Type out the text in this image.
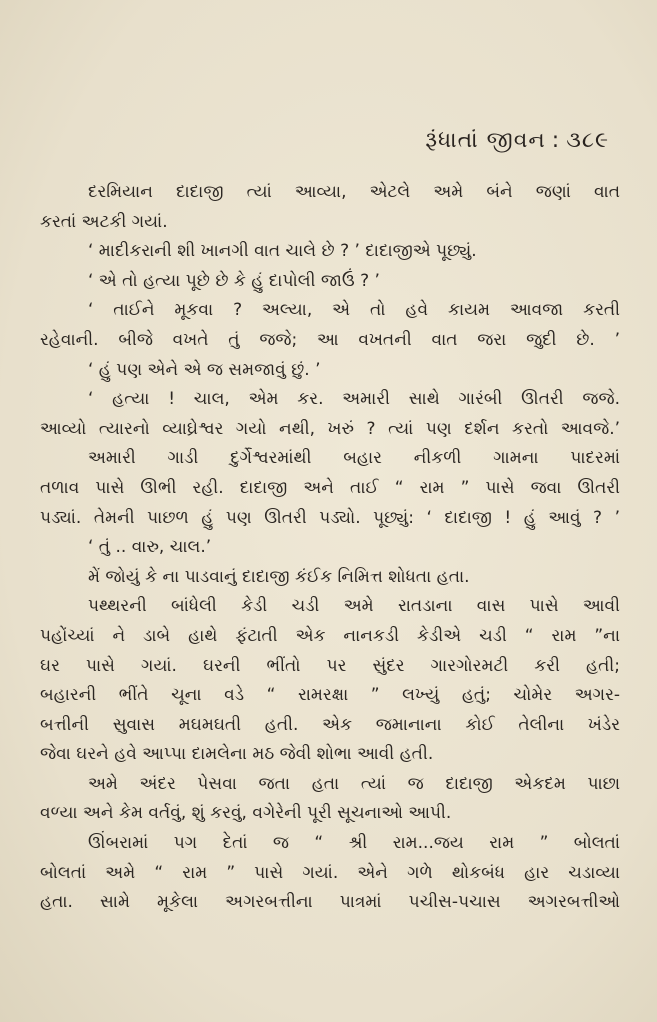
રૂંધાતાં જીવન : ૩૮૯
દરમિયાન દાદાજી ત્યાં આવ્યા, એટલે અમે બંને જણાં વાત
કરતાં અટકી ગયાં.
‘ માદીકરાની શી ખાનગી વાત ચાલે છે ? ’ દાદાજીએ પૂછ્યું.
‘ એ તો હત્યા પૂછે છે કે હું દાપોલી જાઉં ? ’
‘ તાઈને મૂકવા ? અલ્યા, એ તો હવે કાયમ આવજા કરતી
રહેવાની. બીજે વખતે તું જજે; આ વખતની વાત જરા જુદી છે. ’
‘ હું પણ એને એ જ સમજાવું છું. ’
‘ હત્યા ! ચાલ, એમ કર. અમારી સાથે ગારંબી ઊતરી જજે.
આવ્યો ત્યારનો વ્યાઘ્રેશ્વર ગયો નથી, ખરું ? ત્યાં પણ દર્શન કરતો આવજે.’
અમારી ગાડી દુર્ગેશ્વરમાંથી બહાર નીકળી ગામના પાદરમાં
તળાવ પાસે ઊભી રહી. દાદાજી અને તાઈ “ રામ ” પાસે જવા ઊતરી
પડ્યાં. તેમની પાછળ હું પણ ઊતરી પડ્યો. પૂછ્યું: ‘ દાદાજી ! હું આવું ? ’
‘ તું .. વારુ, ચાલ.’
મેં જોયું કે ના પાડવાનું દાદાજી કંઈક નિમિત્ત શોધતા હતા.
પથ્થરની બાંધેલી કેડી ચડી અમે રાતડાના વાસ પાસે આવી
પહોંચ્યાં ને ડાબે હાથે ફંટાતી એક નાનકડી કેડીએ ચડી “ રામ ”ના
ઘર પાસે ગયાં. ઘરની ભીંતો પર સુંદર ગારગોરમટી કરી હતી;
બહારની ભીંતે ચૂના વડે “ રામરક્ષા ” લખ્યું હતું; ચોમેર અગર-
બત્તીની સુવાસ મઘમઘતી હતી. એક જમાનાના કોઈ તેલીના ખંડેર
જેવા ઘરને હવે આપ્પા દામલેના મઠ જેવી શોભા આવી હતી.
અમે અંદર પેસવા જતા હતા ત્યાં જ દાદાજી એકદમ પાછા
વળ્યા અને કેમ વર્તવું, શું કરવું, વગેરેની પૂરી સૂચનાઓ આપી.
ઊંબરામાં પગ દેતાં જ “ શ્રી રામ...જય રામ ” બોલતાં
બોલતાં અમે “ રામ ” પાસે ગયાં. એને ગળે થોકબંધ હાર ચડાવ્યા
હતા. સામે મૂકેલા અગરબત્તીના પાત્રમાં પચીસ-પચાસ અગરબત્તીઓ
